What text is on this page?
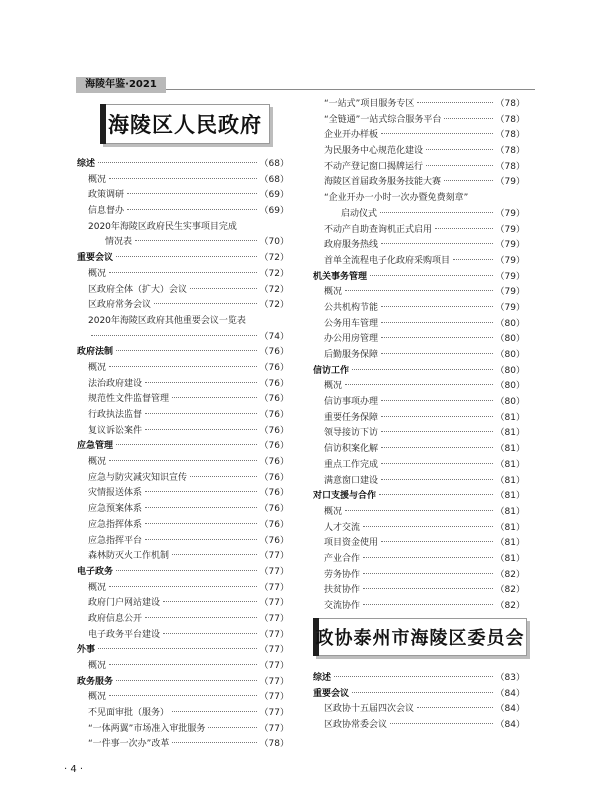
海陵年鉴·2021
海陵区人民政府
综述	（68）
概况	（68）
政策调研	（69）
信息督办	（69）
2020年海陵区政府民生实事项目完成
情况表	（70）
重要会议	（72）
概况	（72）
区政府全体（扩大）会议	（72）
区政府常务会议	（72）
2020年海陵区政府其他重要会议一览表
（74）
政府法制	（76）
概况	（76）
法治政府建设	（76）
规范性文件监督管理	（76）
行政执法监督	（76）
复议诉讼案件	（76）
应急管理	（76）
概况	（76）
应急与防灾减灾知识宣传	（76）
灾情报送体系	（76）
应急预案体系	（76）
应急指挥体系	（76）
应急指挥平台	（76）
森林防灭火工作机制	（77）
电子政务	（77）
概况	（77）
政府门户网站建设	（77）
政府信息公开	（77）
电子政务平台建设	（77）
外事	（77）
概况	（77）
政务服务	（77）
概况	（77）
不见面审批（服务）	（77）
“一体两翼”市场准入审批服务	（77）
“一件事一次办”改革	（78）
“一站式”项目服务专区	（78）
“全链通”一站式综合服务平台	（78）
企业开办样板	（78）
为民服务中心规范化建设	（78）
不动产登记窗口揭牌运行	（78）
海陵区首届政务服务技能大赛	（79）
“企业开办一小时一次办暨免费刻章”
启动仪式	（79）
不动产自助查询机正式启用	（79）
政府服务热线	（79）
首单全流程电子化政府采购项目	（79）
机关事务管理	（79）
概况	（79）
公共机构节能	（79）
公务用车管理	（80）
办公用房管理	（80）
后勤服务保障	（80）
信访工作	（80）
概况	（80）
信访事项办理	（80）
重要任务保障	（81）
领导接访下访	（81）
信访积案化解	（81）
重点工作完成	（81）
满意窗口建设	（81）
对口支援与合作	（81）
概况	（81）
人才交流	（81）
项目资金使用	（81）
产业合作	（81）
劳务协作	（82）
扶贫协作	（82）
交流协作	（82）
政协泰州市海陵区委员会
综述	（83）
重要会议	（84）
区政协十五届四次会议	（84）
区政协常委会议	（84）
· 4 ·
